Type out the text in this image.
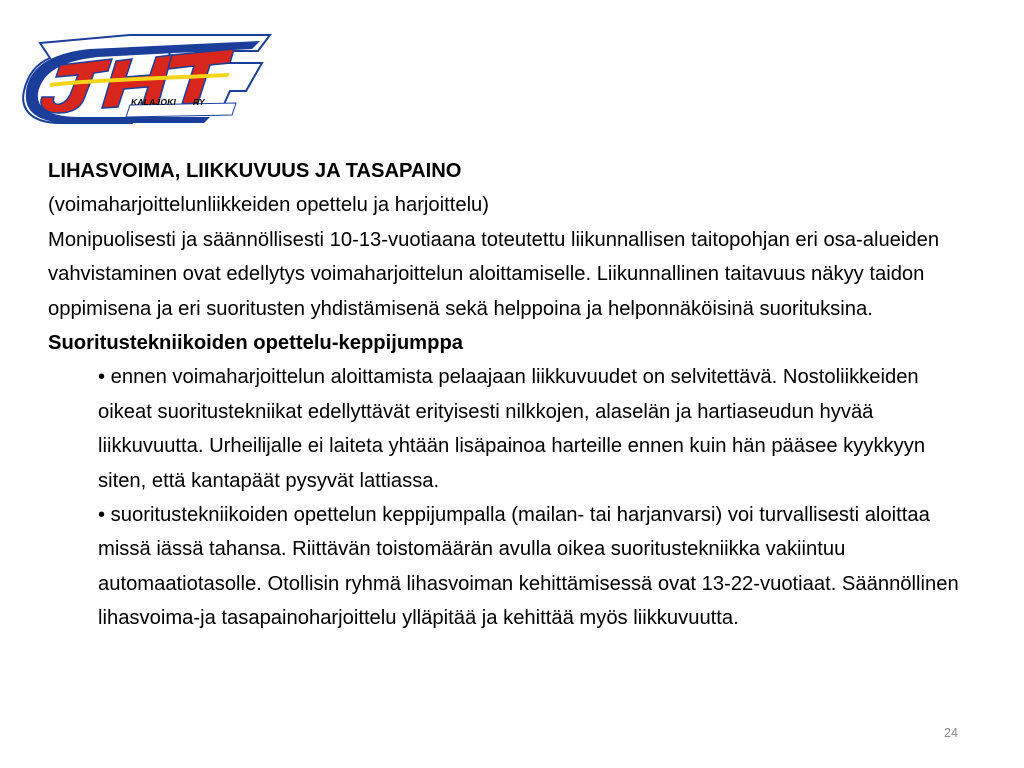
KALAJOKI RY

LIHASVOIMA, LIIKKUVUUS JA TASAPAINO

(voimaharjoittelunliikkeiden opettelu ja harjoittelu)

Monipuolisesti ja säännöllisesti 10-13-vuotiaana toteutettu liikunnallisen taitopohjan eri osa-alueiden vahvistaminen ovat edellytys voimaharjoittelun aloittamiselle. Liikunnallinen taitavuus näkyy taidon oppimisena ja eri suoritusten yhdistämisenä sekä helppoina ja helponnäköisinä suorituksina.

Suoritustekniikoiden opettelu-keppijumppa

• ennen voimaharjoittelun aloittamista pelaajaan liikkuvuudet on selvitettävä. Nostoliikkeiden oikeat suoritustekniikat edellyttävät erityisesti nilkkojen, alaselän ja hartiaseudun hyvää liikkuvuutta. Urheilijalle ei laiteta yhtään lisäpainoa harteille ennen kuin hän pääsee kyykkyyn siten, että kantapäät pysyvät lattiassa.

• suoritustekniikoiden opettelun keppijumpalla (mailan- tai harjanvarsi) voi turvallisesti aloittaa missä iässä tahansa. Riittävän toistomäärän avulla oikea suoritustekniikka vakiintuu automaatiotasolle. Otollisin ryhmä lihasvoiman kehittämisessä ovat 13-22-vuotiaat. Säännöllinen lihasvoima-ja tasapainoharjoittelu ylläpitää ja kehittää myös liikkuvuutta.

24
